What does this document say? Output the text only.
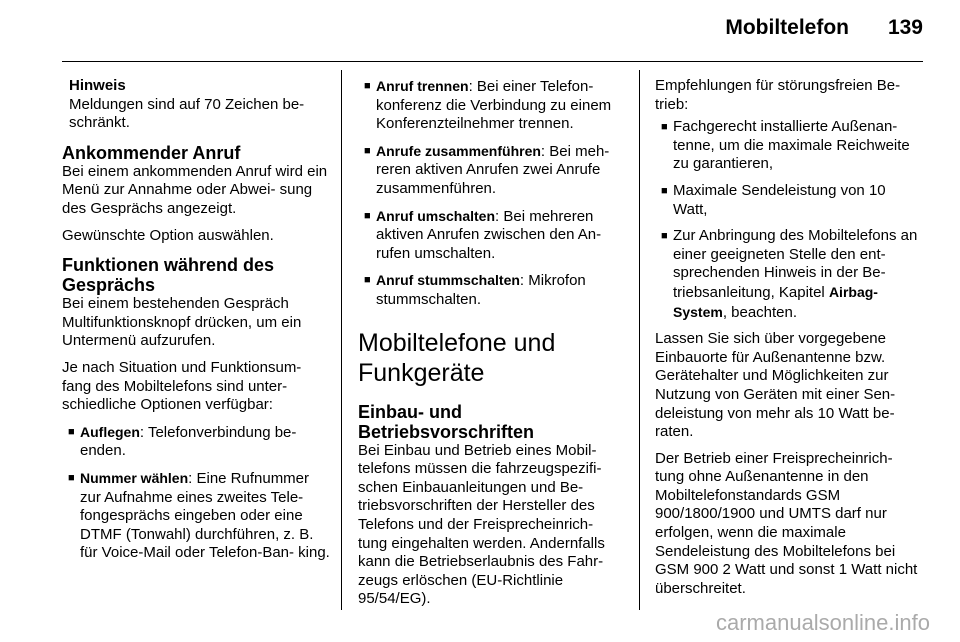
Mobiltelefon 139
Hinweis
Meldungen sind auf 70 Zeichen be- schränkt.
Ankommender Anruf

Bei einem ankommenden Anruf wird ein Menü zur Annahme oder Abwei- sung des Gesprächs angezeigt.

Gewünschte Option auswählen.

Funktionen während des Gesprächs

Bei einem bestehenden Gespräch Multifunktionsknopf drücken, um ein Untermenü aufzurufen.

Je nach Situation und Funktionsum- fang des Mobiltelefons sind unter- schiedliche Optionen verfügbar:

■ Auflegen: Telefonverbindung be- enden.
■ Nummer wählen: Eine Rufnummer zur Aufnahme eines zweites Tele- fongesprächs eingeben oder eine DTMF (Tonwahl) durchführen, z. B. für Voice-Mail oder Telefon-Ban- king.
■ Anruf trennen: Bei einer Telefon- konferenz die Verbindung zu einem Konferenzteilnehmer trennen.
■ Anrufe zusammenführen: Bei meh- reren aktiven Anrufen zwei Anrufe zusammenführen.
■ Anruf umschalten: Bei mehreren aktiven Anrufen zwischen den An- rufen umschalten.
■ Anruf stummschalten: Mikrofon stummschalten.
Mobiltelefone und Funkgeräte
Einbau- und Betriebsvorschriften

Bei Einbau und Betrieb eines Mobil- telefons müssen die fahrzeugspezifi- schen Einbauanleitungen und Be- triebsvorschriften der Hersteller des Telefons und der Freisprecheinrich- tung eingehalten werden. Andernfalls kann die Betriebserlaubnis des Fahr- zeugs erlöschen (EU-Richtlinie 95/54/EG).

Empfehlungen für störungsfreien Be- trieb:

■ Fachgerecht installierte Außenan- tenne, um die maximale Reichweite zu garantieren,
■ Maximale Sendeleistung von 10 Watt,
■ Zur Anbringung des Mobiltelefons an einer geeigneten Stelle den ent- sprechenden Hinweis in der Be- triebsanleitung, Kapitel Airbag- System, beachten.

Lassen Sie sich über vorgegebene Einbauorte für Außenantenne bzw. Gerätehalter und Möglichkeiten zur Nutzung von Geräten mit einer Sen- deleistung von mehr als 10 Watt be- raten.

Der Betrieb einer Freisprecheinrich- tung ohne Außenantenne in den Mobiltelefonstandards GSM 900/1800/1900 und UMTS darf nur erfolgen, wenn die maximale Sendeleistung des Mobiltelefons bei GSM 900 2 Watt und sonst 1 Watt nicht überschreitet.

carmanualsonline.info
